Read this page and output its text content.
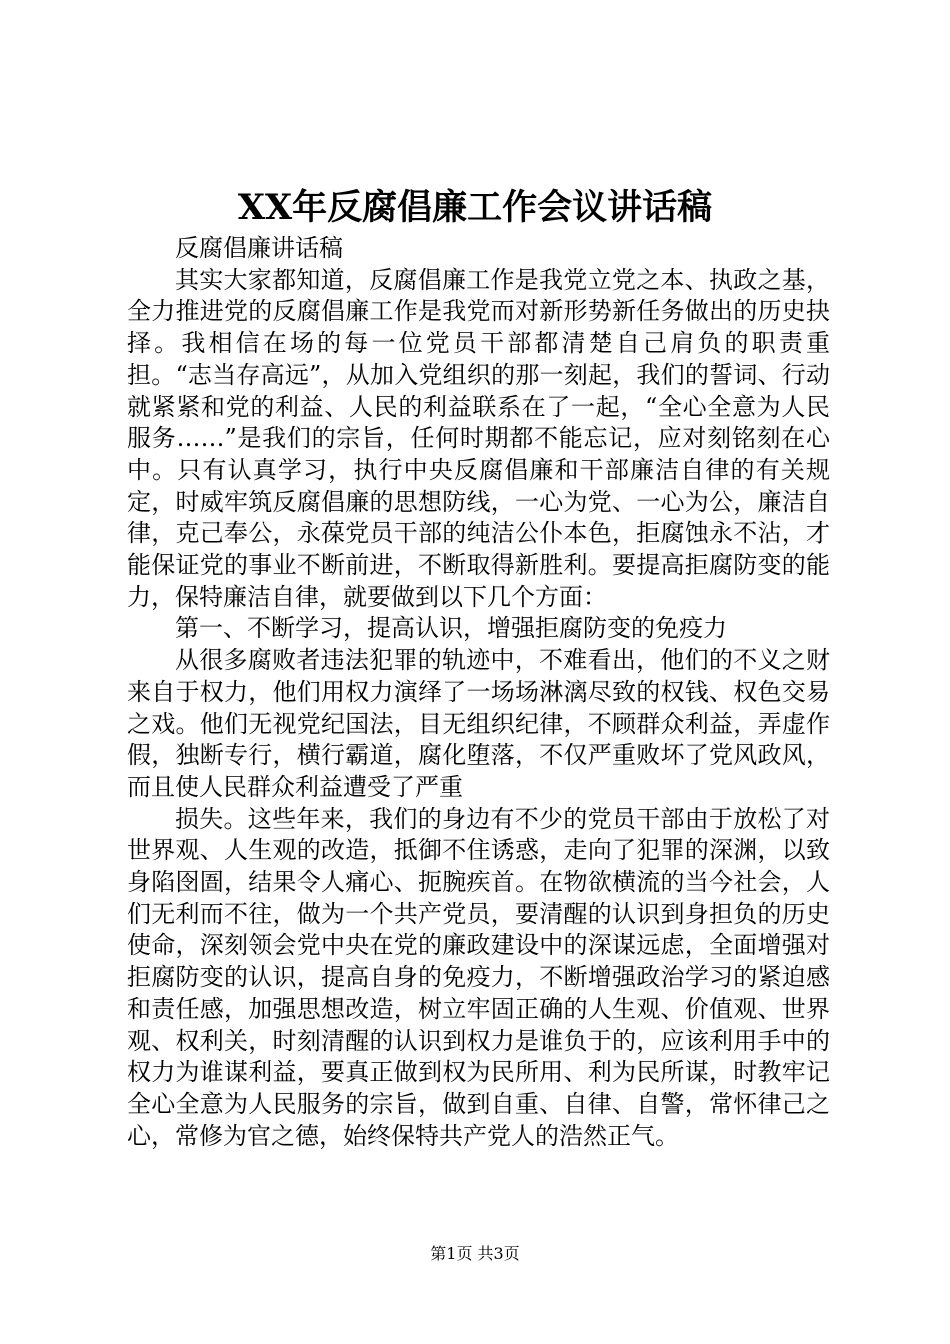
XX年反腐倡廉工作会议讲话稿

反腐倡廉讲话稿

其实大家都知道，反腐倡廉工作是我党立党之本、执政之基，全力推进党的反腐倡廉工作是我党而对新形势新任务做出的历史抉择。我相信在场的每一位党员干部都清楚自己肩负的职责重担。“志当存高远”，从加入党组织的那一刻起，我们的誓词、行动就紧紧和党的利益、人民的利益联系在了一起，“全心全意为人民服务……”是我们的宗旨，任何时期都不能忘记，应对刻铭刻在心中。只有认真学习，执行中央反腐倡廉和干部廉洁自律的有关规定，时威牢筑反腐倡廉的思想防线，一心为党、一心为公，廉洁自律，克己奉公，永葆党员干部的纯洁公仆本色，拒腐蚀永不沾，才能保证党的事业不断前进，不断取得新胜利。要提高拒腐防变的能力，保特廉洁自律，就要做到以下几个方面：

第一、不断学习，提高认识，增强拒腐防变的免疫力

从很多腐败者违法犯罪的轨迹中，不难看出，他们的不义之财来自于权力，他们用权力演绎了一场场淋漓尽致的权钱、权色交易之戏。他们无视党纪国法，目无组织纪律，不顾群众利益，弄虚作假，独断专行，横行霸道，腐化堕落，不仅严重败坏了党风政风，而且使人民群众利益遭受了严重

损失。这些年来，我们的身边有不少的党员干部由于放松了对世界观、人生观的改造，抵御不住诱惑，走向了犯罪的深渊，以致身陷囹圄，结果令人痛心、扼腕疾首。在物欲横流的当今社会，人们无利而不往，做为一个共产党员，要清醒的认识到身担负的历史使命，深刻领会党中央在党的廉政建设中的深谋远虑，全面增强对拒腐防变的认识，提高自身的免疫力，不断增强政治学习的紧迫感和责任感，加强思想改造，树立牢固正确的人生观、价值观、世界观、权利关，时刻清醒的认识到权力是谁负于的，应该利用手中的权力为谁谋利益，要真正做到权为民所用、利为民所谋，时教牢记全心全意为人民服务的宗旨，做到自重、自律、自警，常怀律己之心，常修为官之德，始终保特共产党人的浩然正气。

第1页 共3页
